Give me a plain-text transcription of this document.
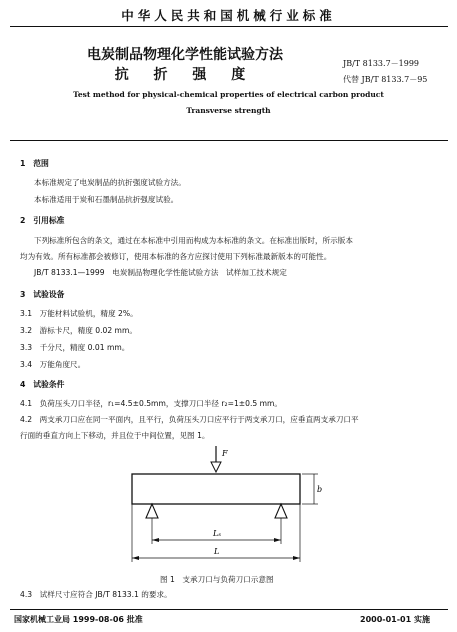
中华人民共和国机械行业标准
电炭制品物理化学性能试验方法
抗 折 强 度
JB/T 8133.7－1999
代替 JB/T 8133.7－95
Test method for physical-chemical properties of electrical carbon product
Transverse strength
1　范围
本标准规定了电炭制品的抗折强度试验方法。
本标准适用于炭和石墨制品抗折强度试验。
2　引用标准
下列标准所包含的条文，通过在本标准中引用而构成为本标准的条文。在标准出版时，所示版本
均为有效。所有标准都会被修订，使用本标准的各方应探讨使用下列标准最新版本的可能性。
JB/T 8133.1—1999　电炭制品物理化学性能试验方法　试样加工技术规定
3　试验设备
3.1　万能材料试验机，精度 2%。
3.2　游标卡尺，精度 0.02 mm。
3.3　千分尺，精度 0.01 mm。
3.4　万能角度尺。
4　试验条件
4.1　负荷压头刀口半径，r₁=4.5±0.5mm，支撑刀口半径 r₂=1±0.5 mm。
4.2　两支承刀口应在同一平面内，且平行，负荷压头刀口应平行于两支承刀口，应垂直两支承刀口平
行面的垂直方向上下移动，并且位于中间位置，见图 1。
F
b
Lₛ
L
图 1　支承刀口与负荷刀口示意图
4.3　试样尺寸应符合 JB/T 8133.1 的要求。
国家机械工业局 1999-08-06 批准	2000-01-01 实施
